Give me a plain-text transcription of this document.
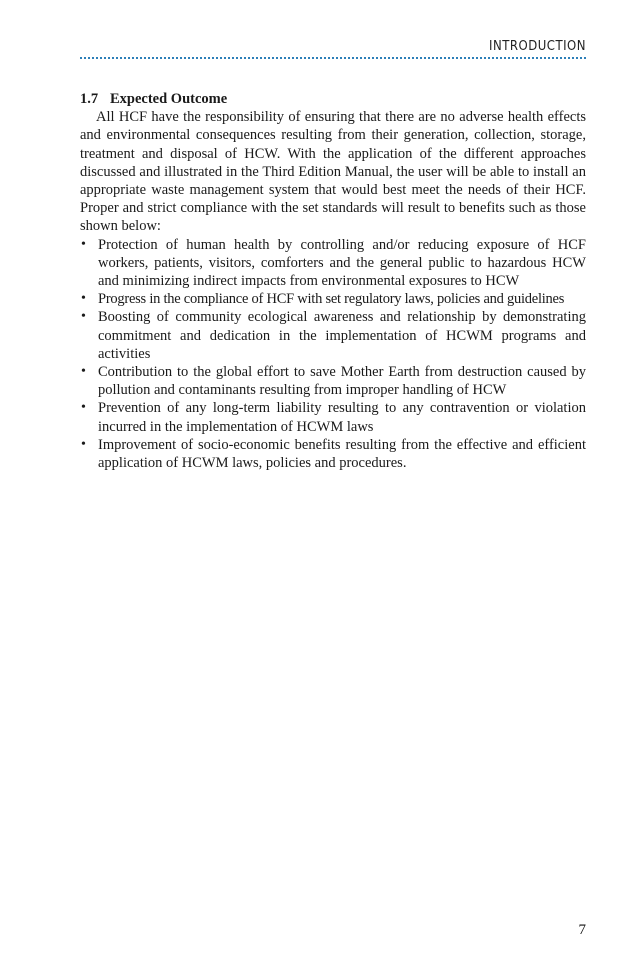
INTRODUCTION

1.7 Expected Outcome

All HCF have the responsibility of ensuring that there are no adverse health effects and environmental consequences resulting from their generation, collection, storage, treatment and disposal of HCW. With the application of the different approaches discussed and illustrated in the Third Edition Manual, the user will be able to install an appropriate waste management system that would best meet the needs of their HCF. Proper and strict compliance with the set standards will result to benefits such as those shown below:

• Protection of human health by controlling and/or reducing exposure of HCF workers, patients, visitors, comforters and the general public to hazardous HCW and minimizing indirect impacts from environmental exposures to HCW
• Progress in the compliance of HCF with set regulatory laws, policies and guidelines
• Boosting of community ecological awareness and relationship by demonstrating commitment and dedication in the implementation of HCWM programs and activities
• Contribution to the global effort to save Mother Earth from destruction caused by pollution and contaminants resulting from improper handling of HCW
• Prevention of any long-term liability resulting to any contravention or violation incurred in the implementation of HCWM laws
• Improvement of socio-economic benefits resulting from the effective and efficient application of HCWM laws, policies and procedures.
7
